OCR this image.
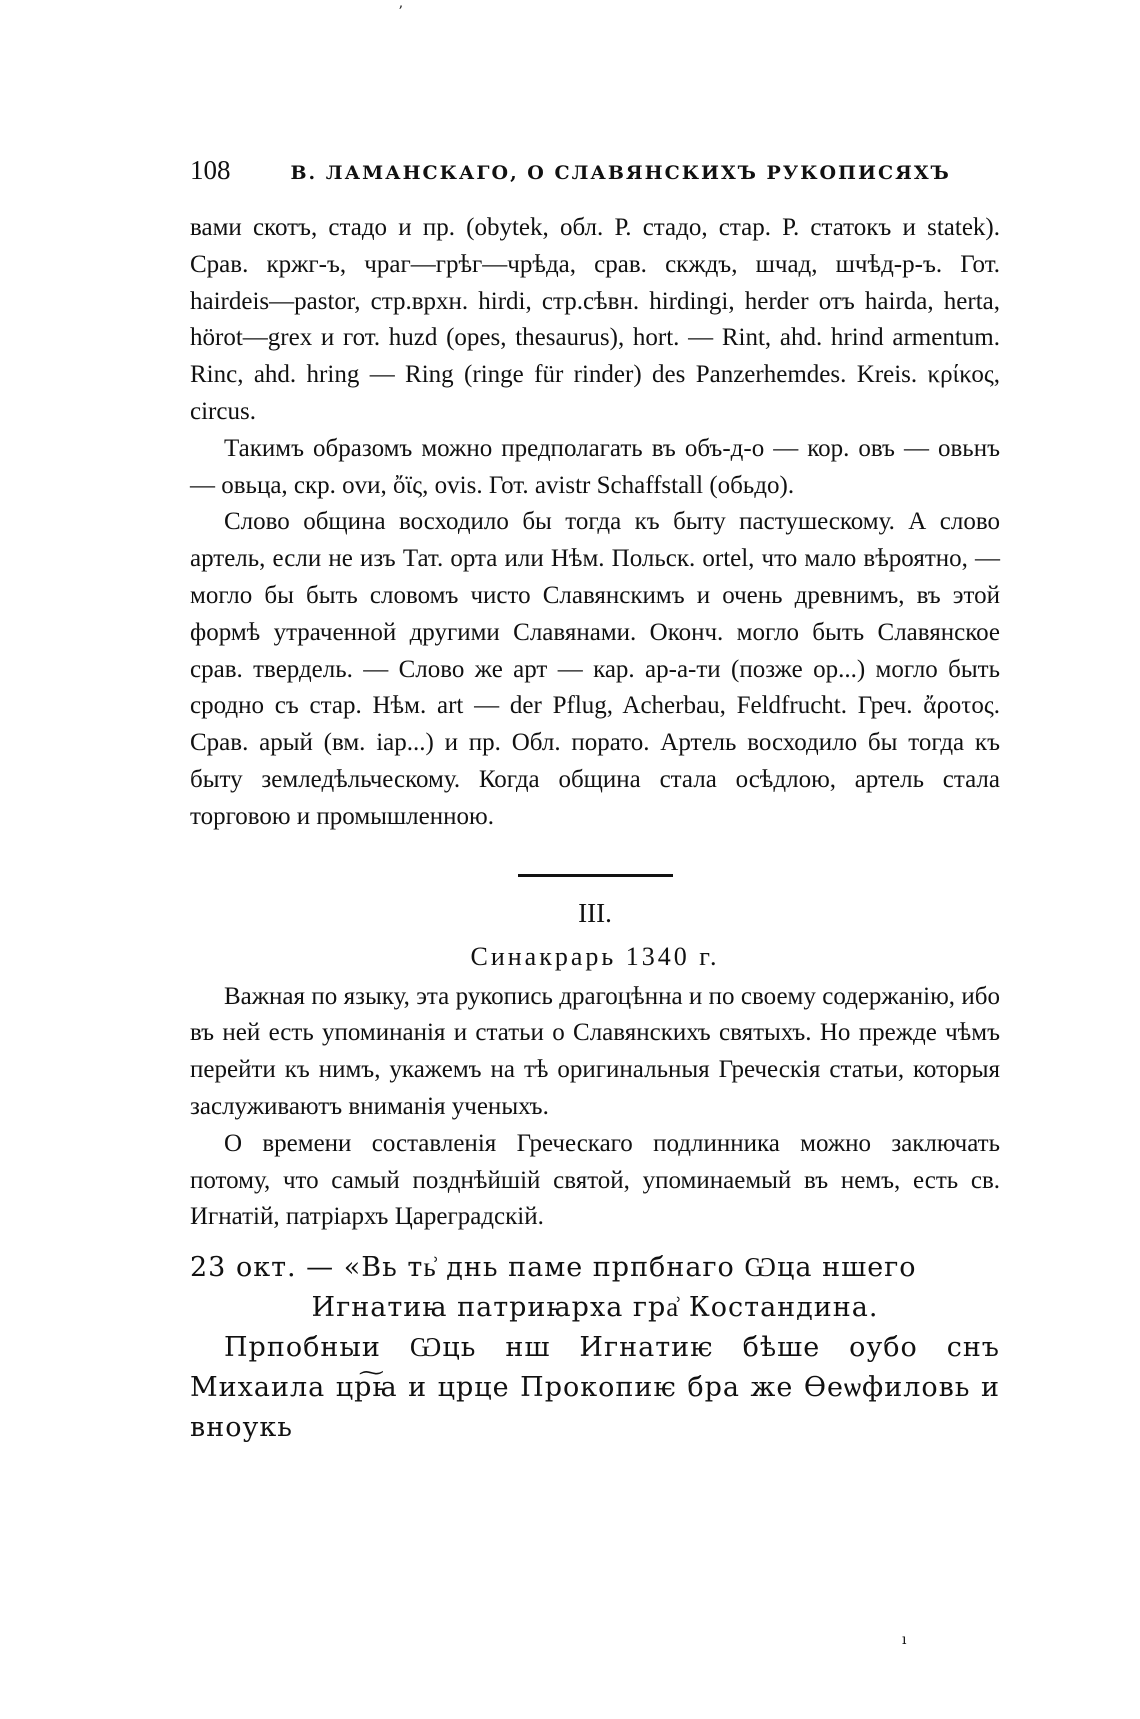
108	В. ЛАМАНСКАГО, О СЛАВЯНСКИХЪ РУКОПИСЯХЪ

вами скотъ, стадо и пр. (obytek, обл. Р. стадо, стар. Р. статокъ и statek). Срав. кржг-ъ, чраг—грѣг—чрѣда, срав. скждъ, шчад, шчѣд-р-ъ. Гот. hairdeis—pastor, стр.врхн. hirdi, стр.сѣвн. hirdingi, herder отъ hairda, herta, hörot—grex и гот. huzd (opes, thesaurus), hort. — Rint, ahd. hrind armentum. Rinc, ahd. hring — Ring (ringe für rinder) des Panzerhemdes. Kreis. κρίκος, circus.

Такимъ образомъ можно предполагать въ объ-д-о — кор. овъ — овьнъ — овьца, скр. оvи, ὄϊς, ovis. Гот. avistr Schaffstall (обьдо).

Слово община восходило бы тогда къ быту пастушескому. А слово артель, если не изъ Тат. орта или Нѣм. Польск. ortel, что мало вѣроятно, — могло бы быть словомъ чисто Славянскимъ и очень древнимъ, въ этой формѣ утраченной другими Славянами. Оконч. могло быть Славянское срав. твердель. — Слово же арт — кар. ар-а-ти (позже ор...) могло быть сродно съ стар. Нѣм. art — der Pflug, Acherbau, Feldfrucht. Греч. ἄροτος. Срав. арый (вм. іар...) и пр. Обл. порато. Артель восходило бы тогда къ быту земледѣльческому. Когда община стала осѣдлою, артель стала торговою и промышленною.

III.

Синакрарь 1340 г.

Важная по языку, эта рукопись драгоцѣнна и по своему содержанію, ибо въ ней есть упоминанія и статьи о Славянскихъ святыхъ. Но прежде чѣмъ перейти къ нимъ, укажемъ на тѣ оригинальныя Греческія статьи, которыя заслуживаютъ вниманія ученыхъ.

О времени составленія Греческаго подлинника можно заключать потому, что самый позднѣйшій святой, упоминаемый въ немъ, есть св. Игнатій, патріархъ Цареградскій.

23 окт. — «Вь ть͗ днь паме прпбнаго Ѡца ншего
Игнатиꙗ патриꙗрха гра͗ Костандина.

Прпобныи Ѡць нш Игнатиѥ бѣше оубо снъ Михаила цр͠ꙗ и црце Прокопиѥ бра же Ѳеѡфиловь и вноукь

ʼ
ı
